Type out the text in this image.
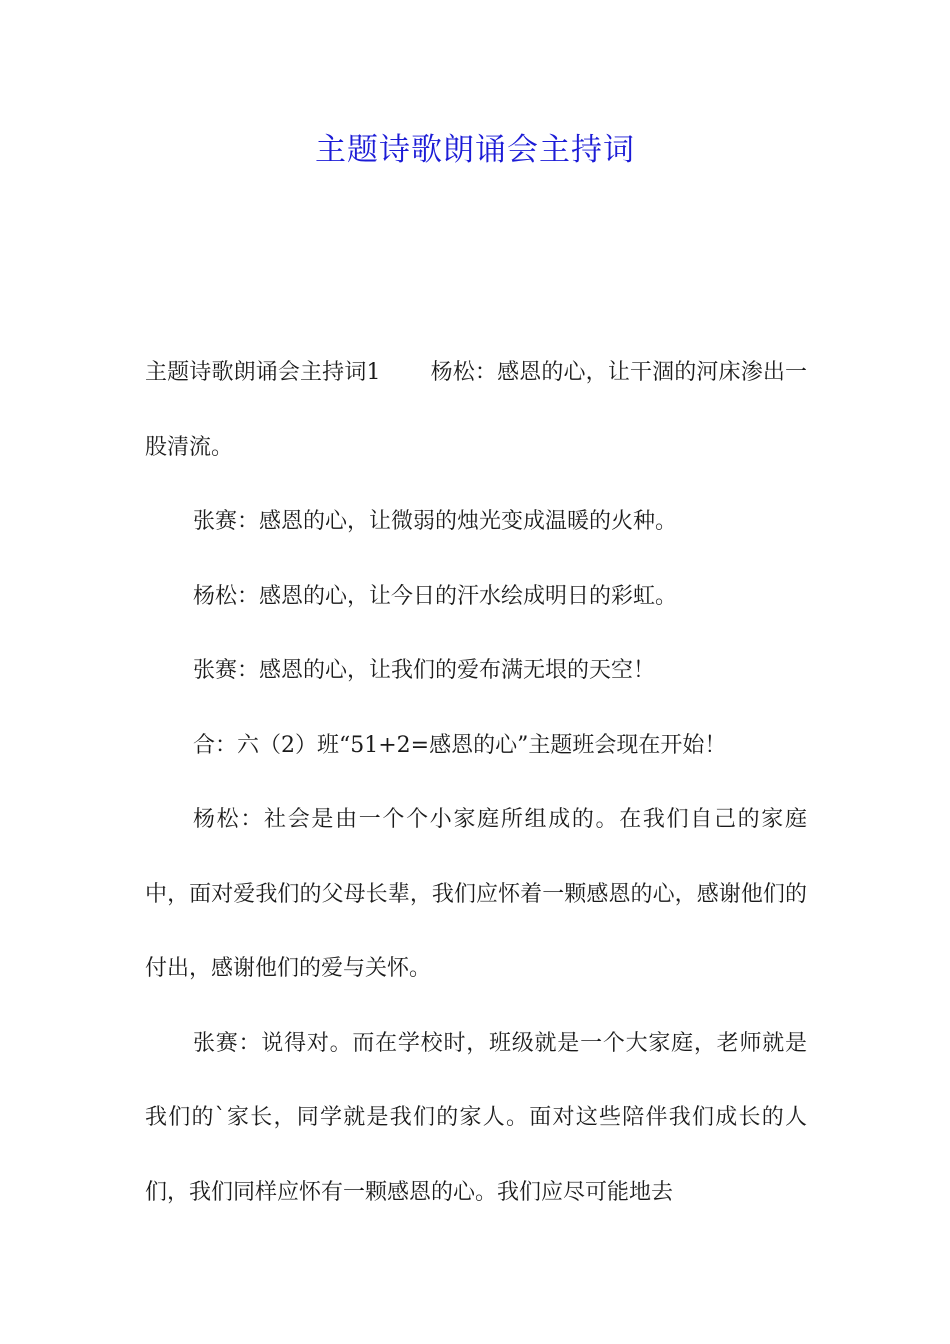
主题诗歌朗诵会主持词

主题诗歌朗诵会主持词1 杨松：感恩的心，让干涸的河床渗出一股清流。

张赛：感恩的心，让微弱的烛光变成温暖的火种。

杨松：感恩的心，让今日的汗水绘成明日的彩虹。

张赛：感恩的心，让我们的爱布满无垠的天空！

合：六（2）班“51+2=感恩的心”主题班会现在开始！

杨松：社会是由一个个小家庭所组成的。在我们自己的家庭中，面对爱我们的父母长辈，我们应怀着一颗感恩的心，感谢他们的付出，感谢他们的爱与关怀。

张赛：说得对。而在学校时，班级就是一个大家庭，老师就是我们的`家长，同学就是我们的家人。面对这些陪伴我们成长的人们，我们同样应怀有一颗感恩的心。我们应尽可能地去
